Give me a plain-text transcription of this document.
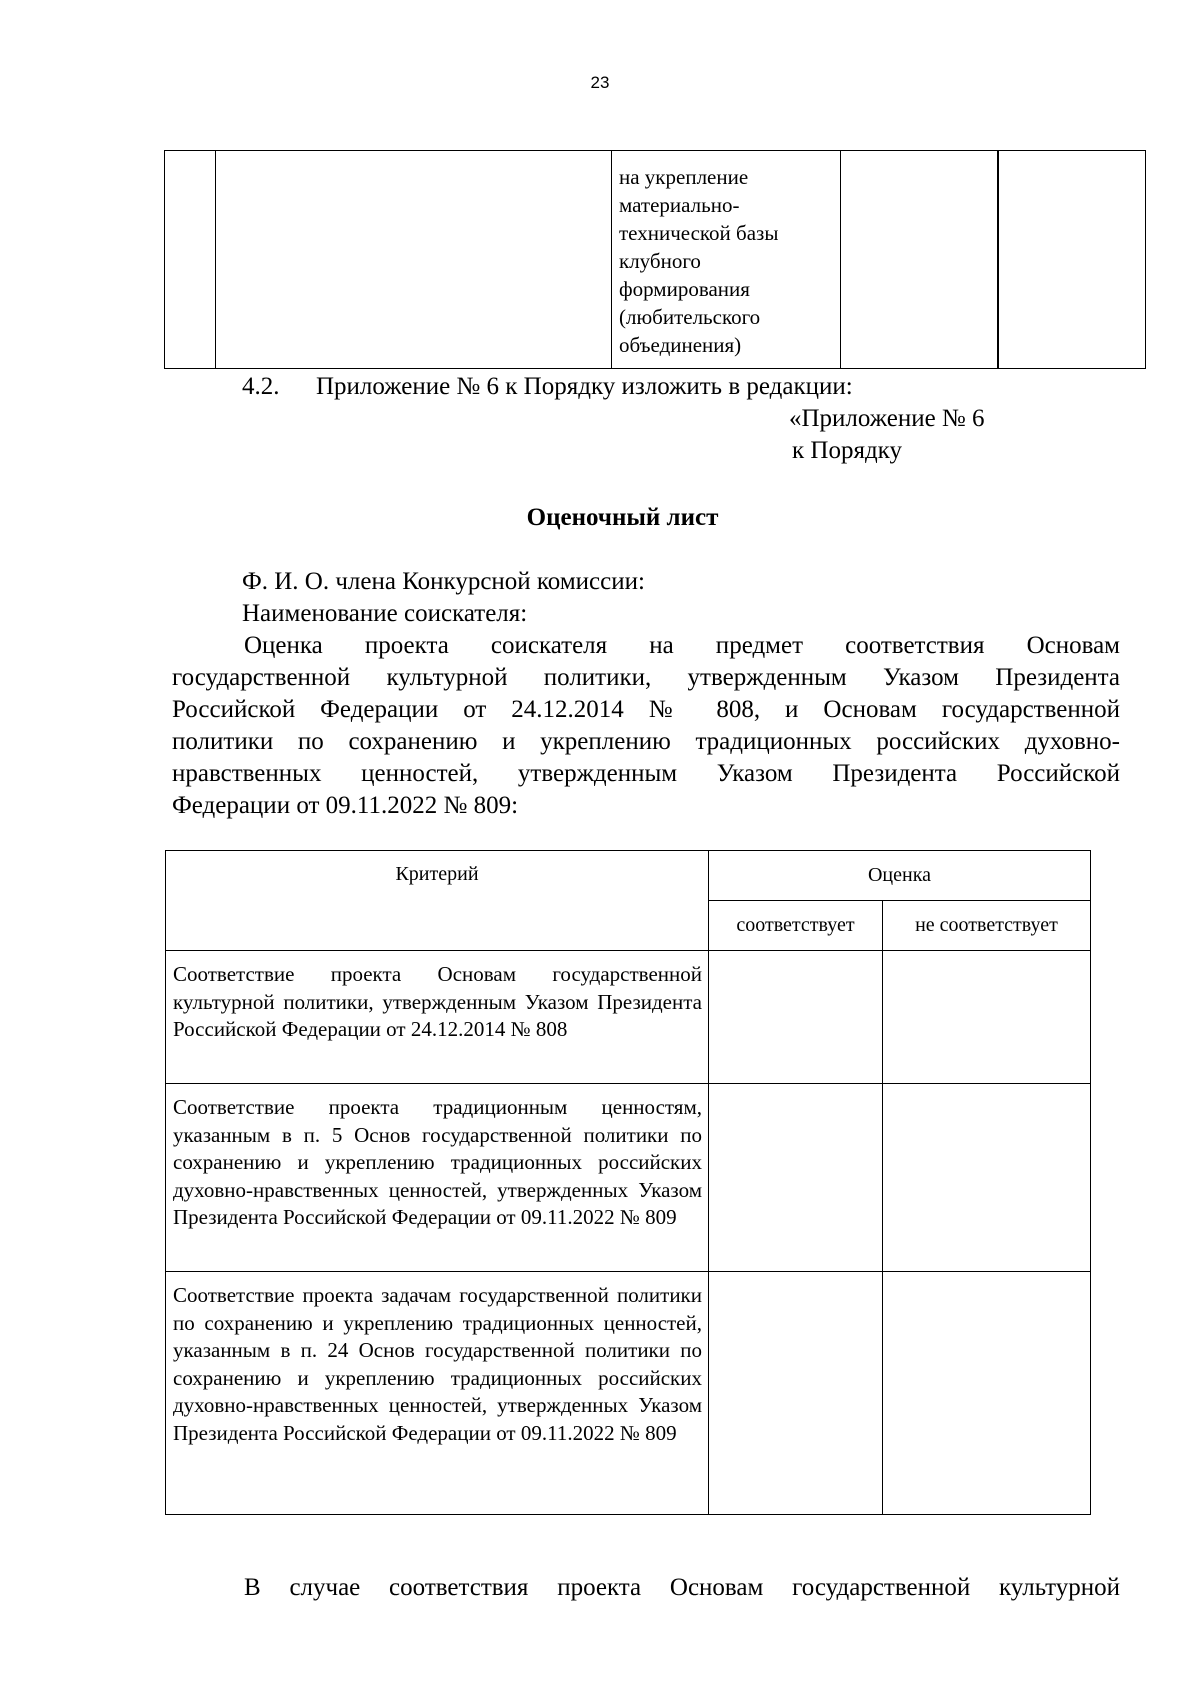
23

на укрепление
материально-
технической базы
клубного
формирования
(любительского
объединения)

4.2. Приложение № 6 к Порядку изложить в редакции:
«Приложение № 6
к Порядку
Оценочный лист
Ф. И. О. члена Конкурсной комиссии:
Наименование соискателя:
Оценка проекта соискателя на предмет соответствия Основам
государственной культурной политики, утвержденным Указом Президента
Российской Федерации от 24.12.2014 № 808, и Основам государственной
политики по сохранению и укреплению традиционных российских духовно-
нравственных ценностей, утвержденным Указом Президента Российской
Федерации от 09.11.2022 № 809:
Критерий	Оценка	
	соответствует	не соответствует
Соответствие проекта Основам государственной культурной политики, утвержденным Указом Президента Российской Федерации от 24.12.2014 № 808		
Соответствие проекта традиционным ценностям, указанным в п. 5 Основ государственной политики по сохранению и укреплению традиционных российских духовно-нравственных ценностей, утвержденных Указом Президента Российской Федерации от 09.11.2022 № 809		
Соответствие проекта задачам государственной политики по сохранению и укреплению традиционных ценностей, указанным в п. 24 Основ государственной политики по сохранению и укреплению традиционных российских духовно-нравственных ценностей, утвержденных Указом Президента Российской Федерации от 09.11.2022 № 809		
В случае соответствия проекта Основам государственной культурной
